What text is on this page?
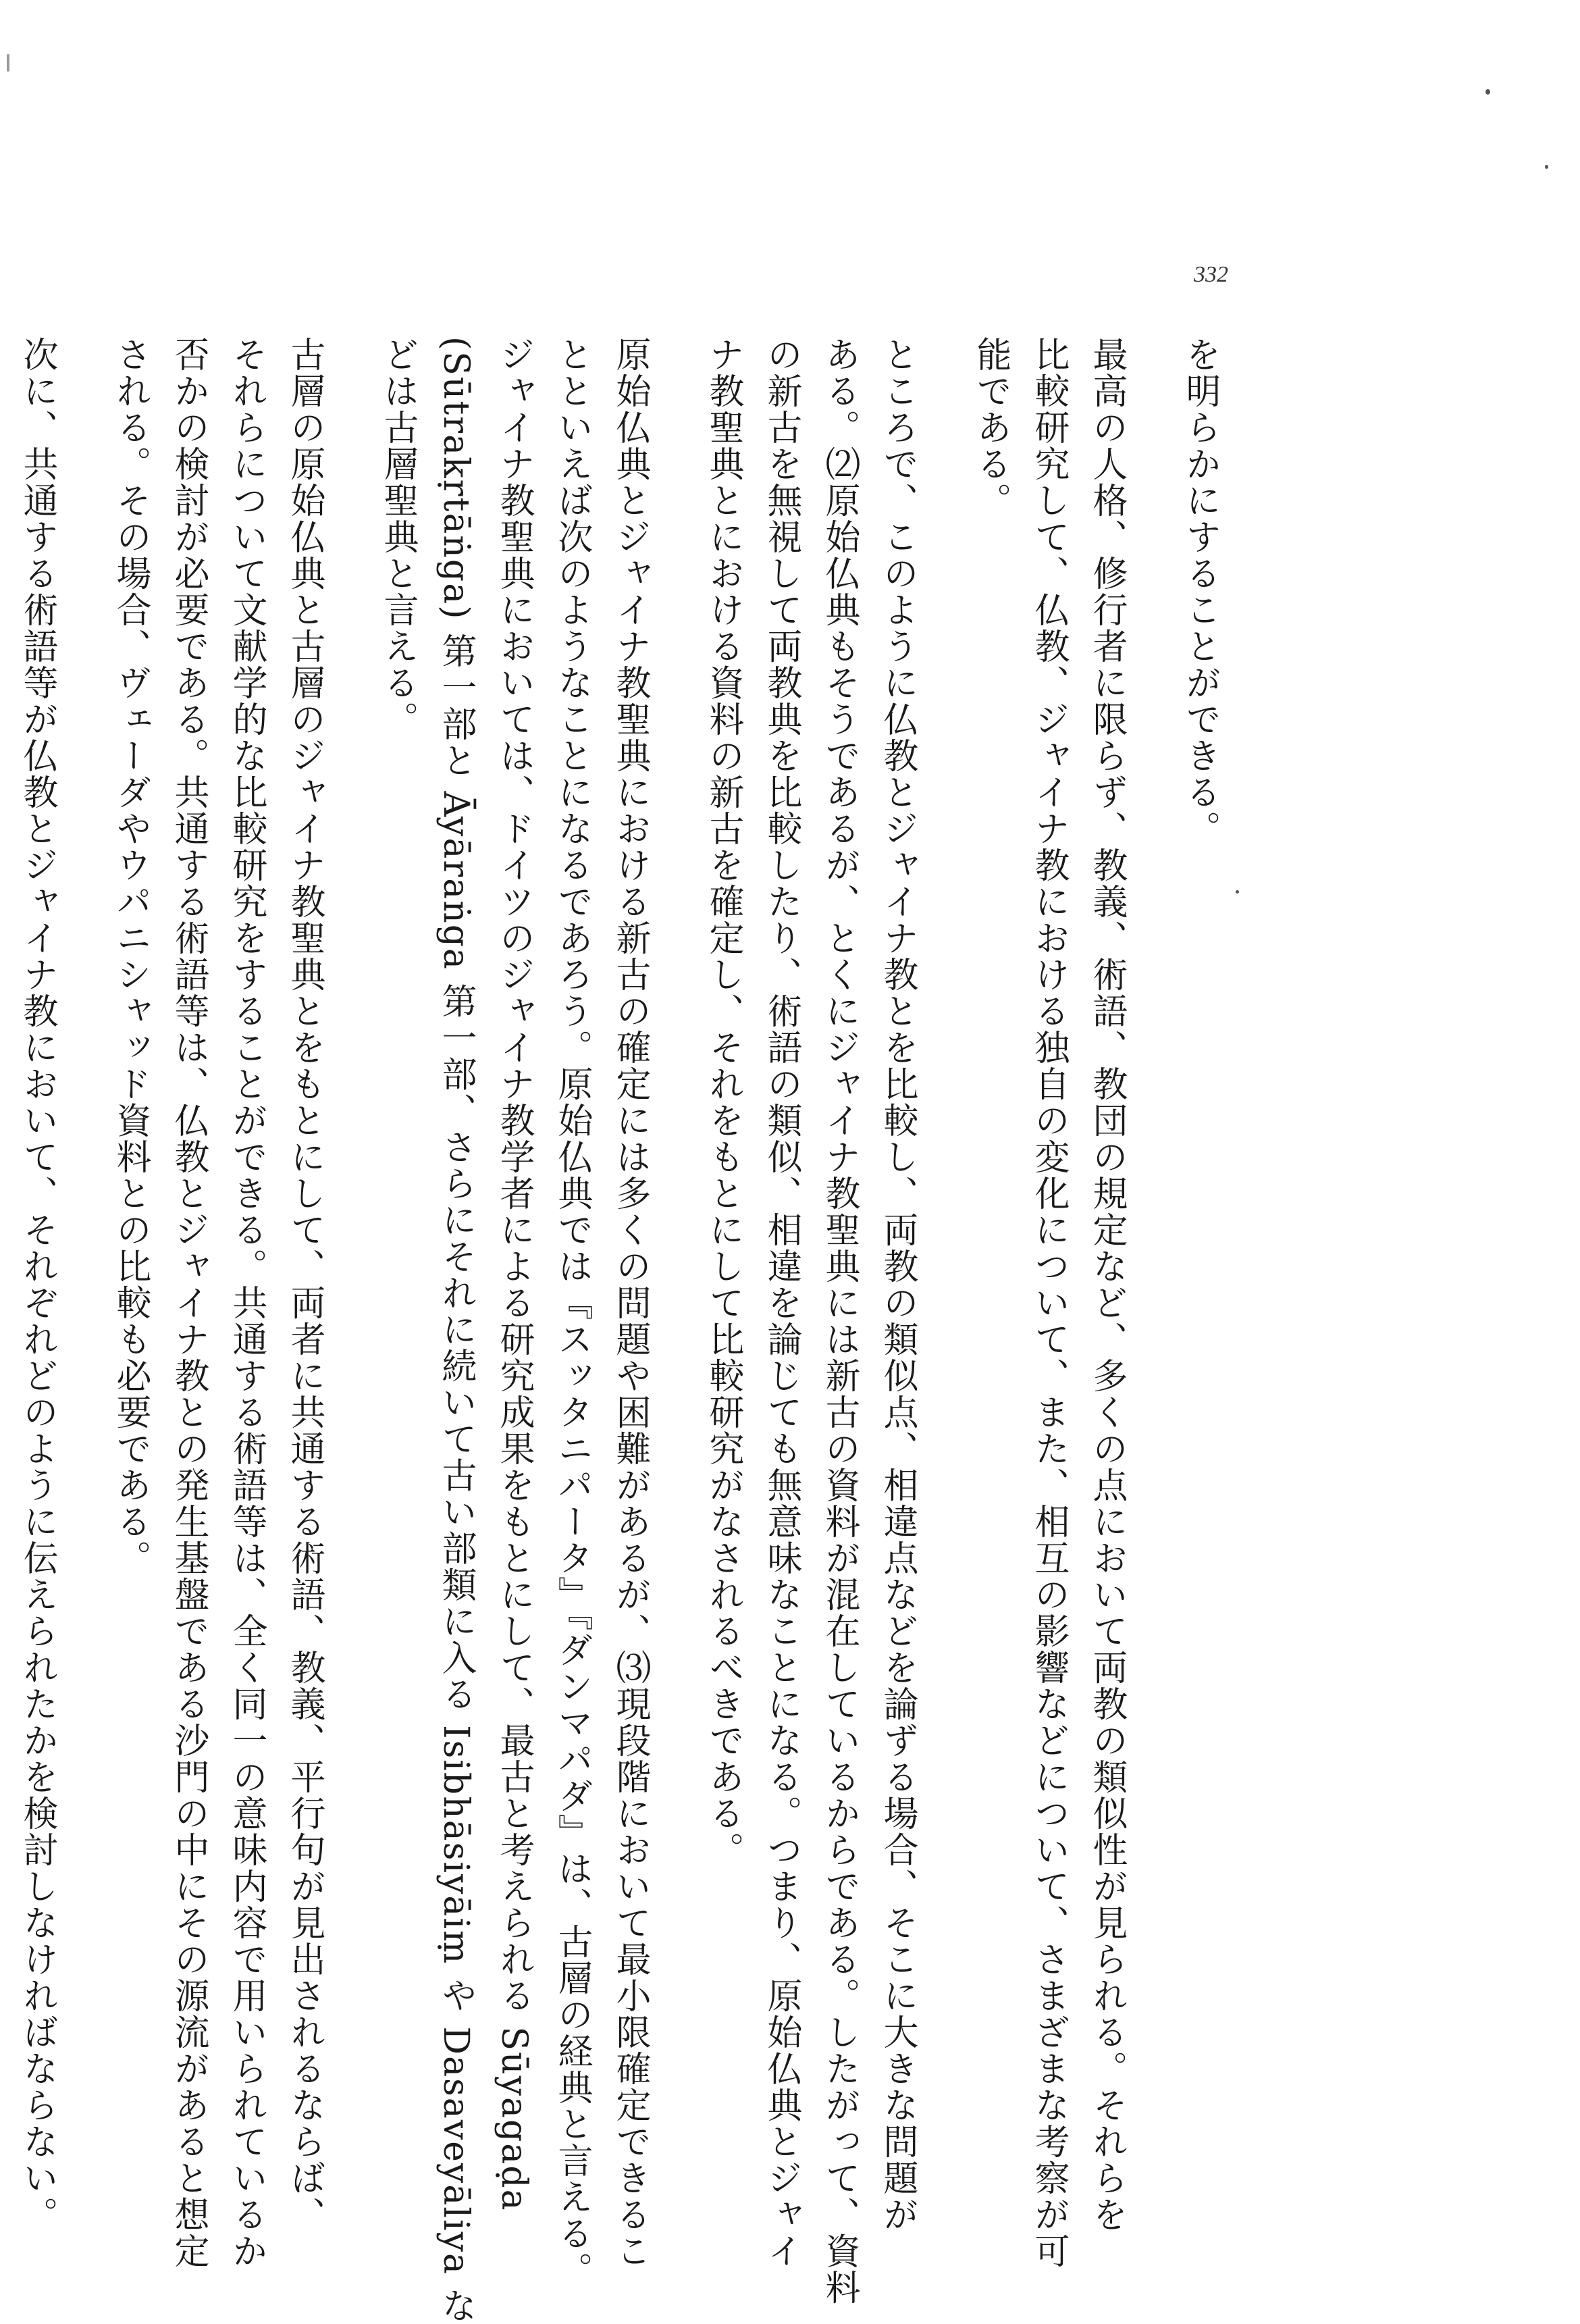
332

を明らかにすることができる。

最高の人格、修行者に限らず、教義、術語、教団の規定など、多くの点において両教の類似性が見られる。それらを

比較研究して、仏教、ジャイナ教における独自の変化について、また、相互の影響などについて、さまざまな考察が可

能である。

ところで、このように仏教とジャイナ教とを比較し、両教の類似点、相違点などを論ずる場合、そこに大きな問題が

ある。⑵原始仏典もそうであるが、とくにジャイナ教聖典には新古の資料が混在しているからである。したがって、資料

の新古を無視して両教典を比較したり、術語の類似、相違を論じても無意味なことになる。つまり、原始仏典とジャイ

ナ教聖典とにおける資料の新古を確定し、それをもとにして比較研究がなされるべきである。

原始仏典とジャイナ教聖典における新古の確定には多くの問題や困難があるが、⑶現段階において最小限確定できるこ

とといえば次のようなことになるであろう。原始仏典では『スッタニパータ』『ダンマパダ』は、古層の経典と言える。

ジャイナ教聖典においては、ドイツのジャイナ教学者による研究成果をもとにして、最古と考えられる Sūyagaḍa

(Sūtrakṛtāṅga) 第一部と Āyāraṅga 第一部、さらにそれに続いて古い部類に入る Isibhāsiyāiṃ や Dasaveyāliya な

どは古層聖典と言える。

古層の原始仏典と古層のジャイナ教聖典とをもとにして、両者に共通する術語、教義、平行句が見出されるならば、

それらについて文献学的な比較研究をすることができる。共通する術語等は、全く同一の意味内容で用いられているか

否かの検討が必要である。共通する術語等は、仏教とジャイナ教との発生基盤である沙門の中にその源流があると想定

される。その場合、ヴェーダやウパニシャッド資料との比較も必要である。

次に、共通する術語等が仏教とジャイナ教において、それぞれどのように伝えられたかを検討しなければならない。
